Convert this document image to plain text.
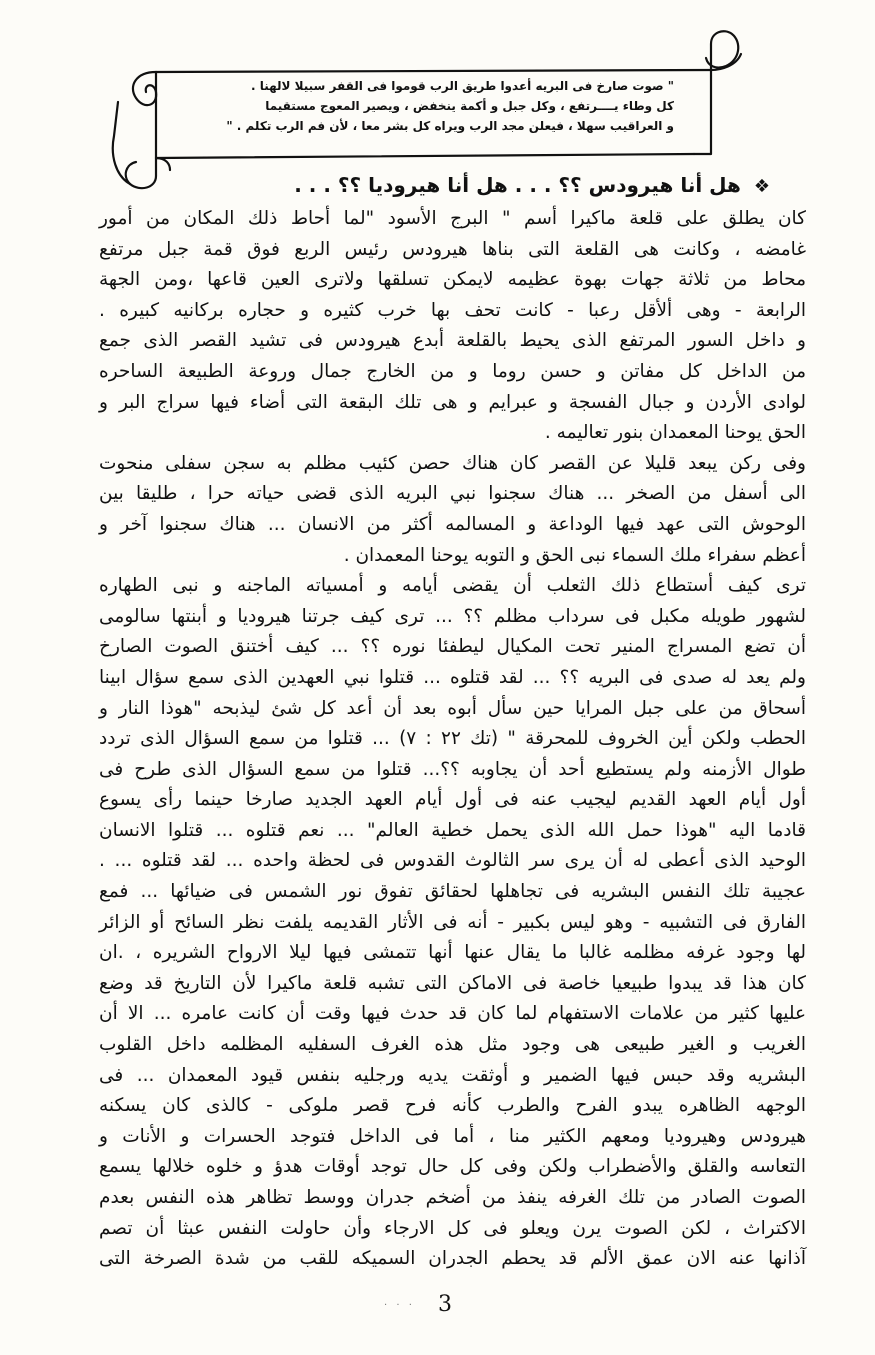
" صوت صارخ فى البريه أعدوا طريق الرب قوموا فى القفر سبيلا لالهنا .
كل وطاء يــــرتفع ، وكل جبل و أكمة ينخفض ، ويصير المعوج مستقيما
و العراقيب سهلا ، فيعلن مجد الرب ويراه كل بشر معا ، لأن فم الرب تكلم . "
❖ هل أنا هيرودس ؟؟ . . . هل أنا هيروديا ؟؟ . . .
كان يطلق على قلعة ماكيرا أسم " البرج الأسود "لما أحاط ذلك المكان من أمور
غامضه ، وكانت هى القلعة التى بناها هيرودس رئيس الربع فوق قمة جبل مرتفع
محاط من ثلاثة جهات بهوة عظيمه لايمكن تسلقها ولاترى العين قاعها ،ومن الجهة
الرابعة - وهى ألأقل رعبا - كانت تحف بها خرب كثيره و حجاره بركانيه كبيره .
و داخل السور المرتفع الذى يحيط بالقلعة أبدع هيرودس فى تشيد القصر الذى جمع
من الداخل كل مفاتن و حسن روما و من الخارج جمال وروعة الطبيعة الساحره
لوادى الأردن و جبال الفسجة و عبرايم و هى تلك البقعة التى أضاء فيها سراج البر و
الحق يوحنا المعمدان بنور تعاليمه .
وفى ركن يبعد قليلا عن القصر كان هناك حصن كئيب مظلم به سجن سفلى منحوت
الى أسفل من الصخر ... هناك سجنوا نبي البريه الذى قضى حياته حرا ، طليقا بين
الوحوش التى عهد فيها الوداعة و المسالمه أكثر من الانسان ... هناك سجنوا آخر و
أعظم سفراء ملك السماء نبى الحق و التوبه يوحنا المعمدان .
ترى كيف أستطاع ذلك الثعلب أن يقضى أيامه و أمسياته الماجنه و نبى الطهاره
لشهور طويله مكبل فى سرداب مظلم ؟؟ ... ترى كيف جرتنا هيروديا و أبنتها سالومى
أن تضع المسراج المنير تحت المكيال ليطفئا نوره ؟؟ ... كيف أختنق الصوت الصارخ
ولم يعد له صدى فى البريه ؟؟ ... لقد قتلوه ... قتلوا نبي العهدين الذى سمع سؤال ابينا
أسحاق من على جبل المرايا حين سأل أبوه بعد أن أعد كل شئ ليذبحه "هوذا النار و
الحطب ولكن أين الخروف للمحرقة " (تك ٢٢ : ٧) ... قتلوا من سمع السؤال الذى تردد
طوال الأزمنه ولم يستطيع أحد أن يجاوبه ؟؟... قتلوا من سمع السؤال الذى طرح فى
أول أيام العهد القديم ليجيب عنه فى أول أيام العهد الجديد صارخا حينما رأى يسوع
قادما اليه "هوذا حمل الله الذى يحمل خطية العالم" ... نعم قتلوه ... قتلوا الانسان
الوحيد الذى أعطى له أن يرى سر الثالوث القدوس فى لحظة واحده ... لقد قتلوه ... .
عجيبة تلك النفس البشريه فى تجاهلها لحقائق تفوق نور الشمس فى ضيائها ... فمع
الفارق فى التشبيه - وهو ليس بكبير - أنه فى الأثار القديمه يلفت نظر السائح أو الزائر
لها وجود غرفه مظلمه غالبا ما يقال عنها أنها تتمشى فيها ليلا الارواح الشريره ، .ان
كان هذا قد يبدوا طبيعيا خاصة فى الاماكن التى تشبه قلعة ماكيرا لأن التاريخ قد وضع
عليها كثير من علامات الاستفهام لما كان قد حدث فيها وقت أن كانت عامره ... الا أن
الغريب و الغير طبيعى هى وجود مثل هذه الغرف السفليه المظلمه داخل القلوب
البشريه وقد حبس فيها الضمير و أوثقت يديه ورجليه بنفس قيود المعمدان ... فى
الوجهه الظاهره يبدو الفرح والطرب كأنه فرح قصر ملوكى - كالذى كان يسكنه
هيرودس وهيروديا ومعهم الكثير منا ، أما فى الداخل فتوجد الحسرات و الأنات و
التعاسه والقلق والأضطراب ولكن وفى كل حال توجد أوقات هدؤ و خلوه خلالها يسمع
الصوت الصادر من تلك الغرفه ينفذ من أضخم جدران ووسط تظاهر هذه النفس بعدم
الاكتراث ، لكن الصوت يرن ويعلو فى كل الارجاء وأن حاولت النفس عبثا أن تصم
آذانها عنه الان عمق الألم قد يحطم الجدران السميكه للقب من شدة الصرخة التى
· · ·	3
